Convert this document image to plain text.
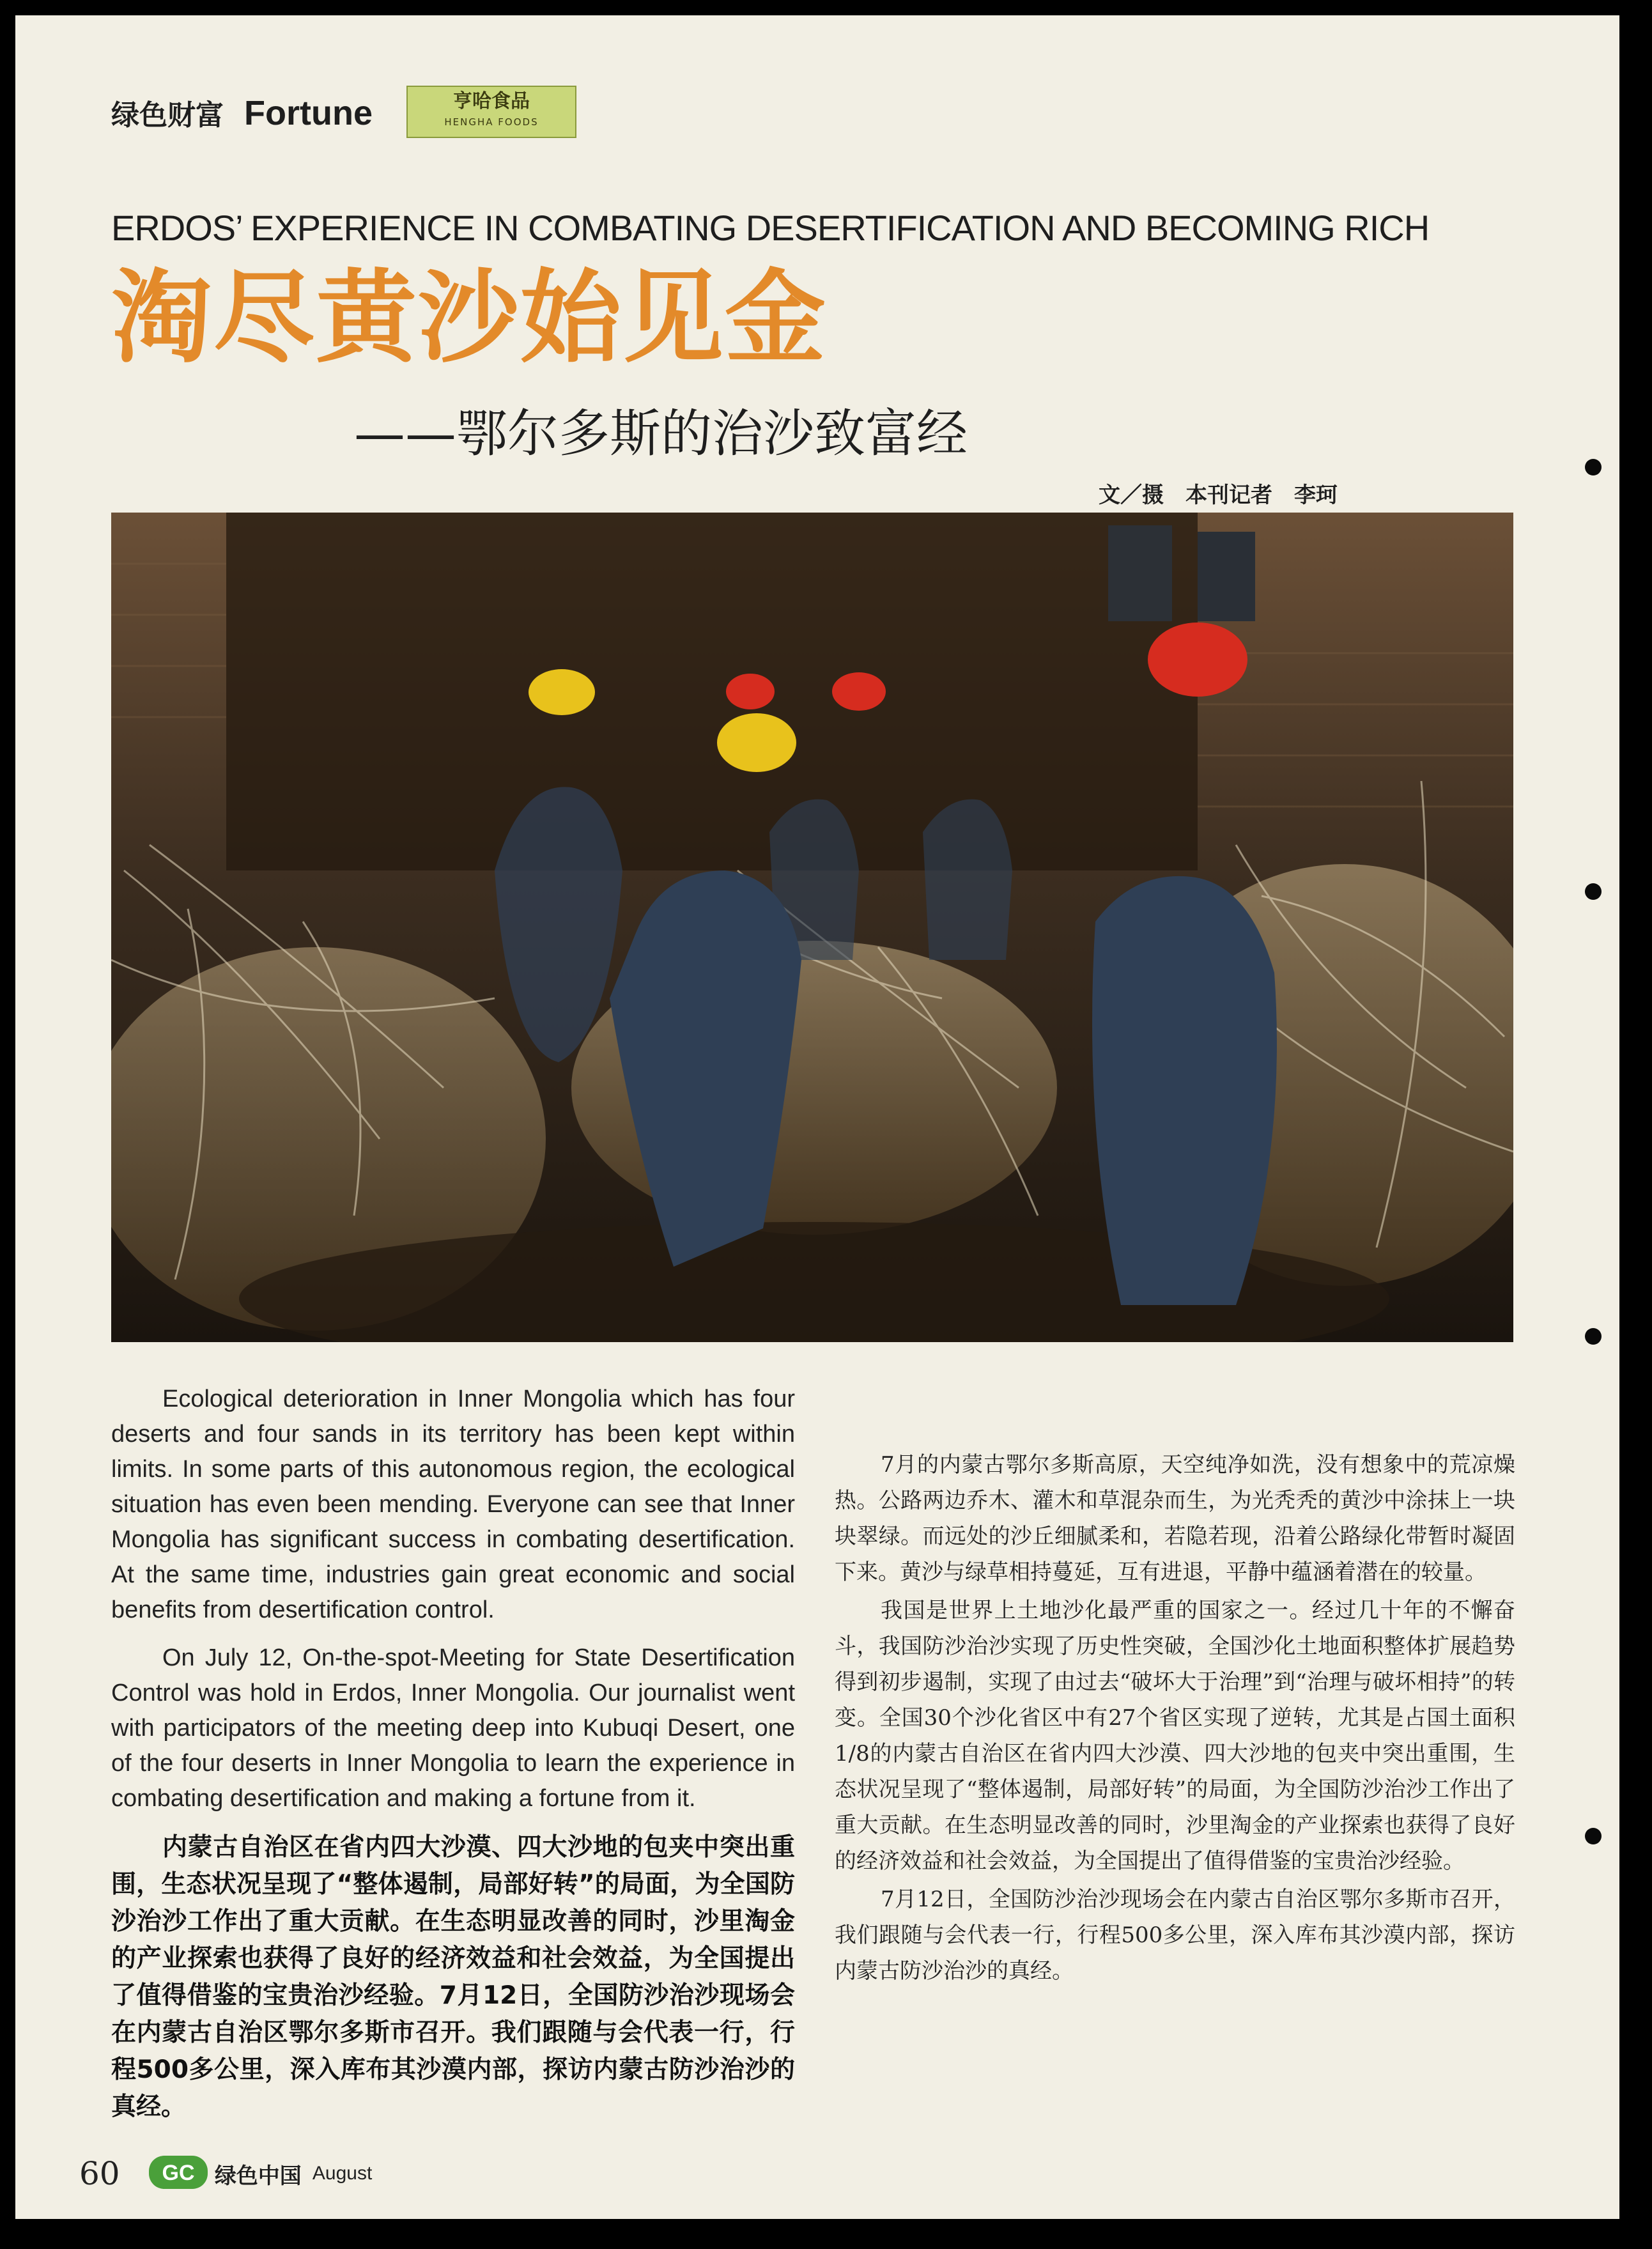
绿色财富 Fortune	亨哈食品
HENGHA FOODS
ERDOS’ EXPERIENCE IN COMBATING DESERTIFICATION AND BECOMING RICH
淘尽黄沙始见金
——鄂尔多斯的治沙致富经
文／摄　本刊记者　李珂

Ecological deterioration in Inner Mongolia which has four deserts and four sands in its territory has been kept within limits. In some parts of this autonomous region, the ecological situation has even been mending. Everyone can see that Inner Mongolia has significant success in combating desertification. At the same time, industries gain great economic and social benefits from desertification control.

On July 12, On-the-spot-Meeting for State Desertification Control was hold in Erdos, Inner Mongolia. Our journalist went with participators of the meeting deep into Kubuqi Desert, one of the four deserts in Inner Mongolia to learn the experience in combating desertification and making a fortune from it.

内蒙古自治区在省内四大沙漠、四大沙地的包夹中突出重围，生态状况呈现了“整体遏制，局部好转”的局面，为全国防沙治沙工作出了重大贡献。在生态明显改善的同时，沙里淘金的产业探索也获得了良好的经济效益和社会效益，为全国提出了值得借鉴的宝贵治沙经验。7月12日，全国防沙治沙现场会在内蒙古自治区鄂尔多斯市召开。我们跟随与会代表一行，行程500多公里，深入库布其沙漠内部，探访内蒙古防沙治沙的真经。

7月的内蒙古鄂尔多斯高原，天空纯净如洗，没有想象中的荒凉燥热。公路两边乔木、灌木和草混杂而生，为光秃秃的黄沙中涂抹上一块块翠绿。而远处的沙丘细腻柔和，若隐若现，沿着公路绿化带暂时凝固下来。黄沙与绿草相持蔓延，互有进退，平静中蕴涵着潜在的较量。

我国是世界上土地沙化最严重的国家之一。经过几十年的不懈奋斗，我国防沙治沙实现了历史性突破，全国沙化土地面积整体扩展趋势得到初步遏制，实现了由过去“破坏大于治理”到“治理与破坏相持”的转变。全国30个沙化省区中有27个省区实现了逆转，尤其是占国土面积1/8的内蒙古自治区在省内四大沙漠、四大沙地的包夹中突出重围，生态状况呈现了“整体遏制，局部好转”的局面，为全国防沙治沙工作出了重大贡献。在生态明显改善的同时，沙里淘金的产业探索也获得了良好的经济效益和社会效益，为全国提出了值得借鉴的宝贵治沙经验。

7月12日，全国防沙治沙现场会在内蒙古自治区鄂尔多斯市召开，我们跟随与会代表一行，行程500多公里，深入库布其沙漠内部，探访内蒙古防沙治沙的真经。

60 GC 绿色中国 August
